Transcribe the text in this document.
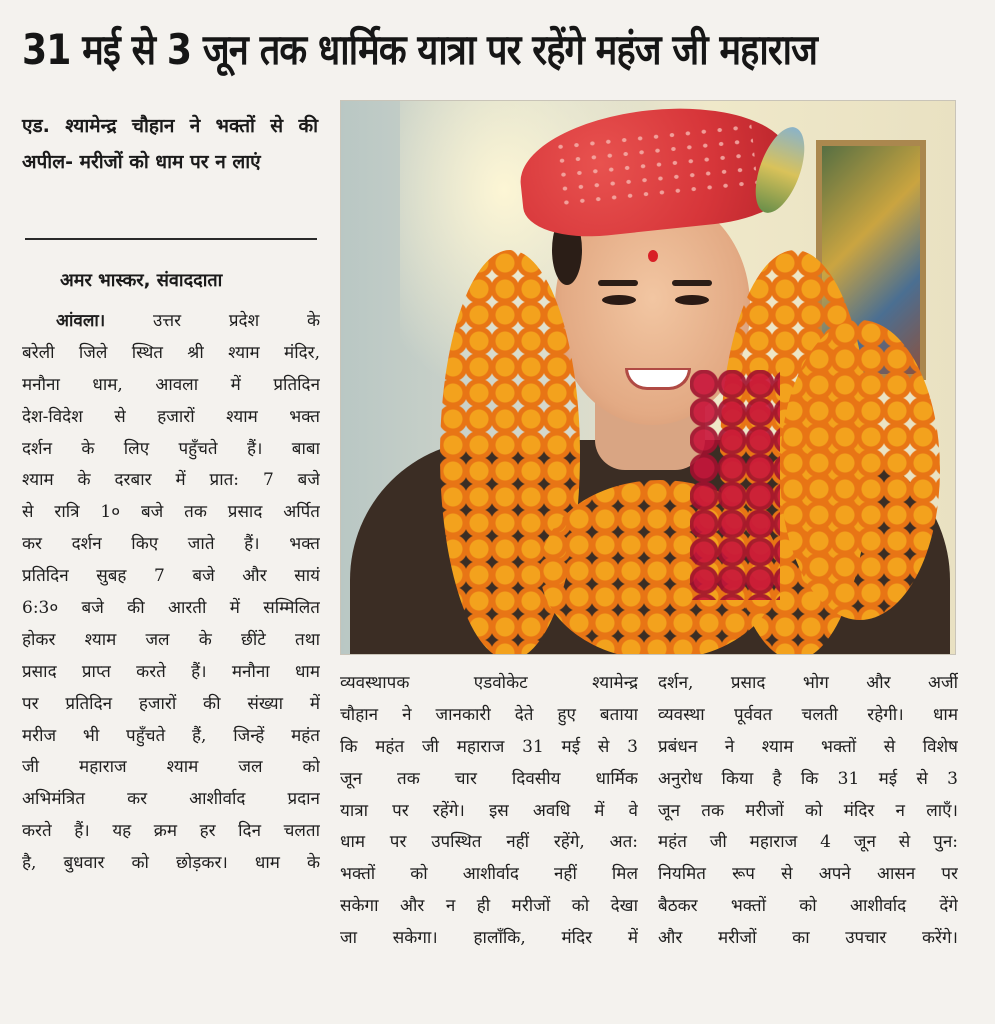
31 मई से 3 जून तक धार्मिक यात्रा पर रहेंगे महंज जी महाराज

एड. श्यामेन्द्र चौहान ने भक्तों से की अपील- मरीजों को धाम पर न लाएं

अमर भास्कर, संवाददाता
आंवला।	उत्तर प्रदेश के
बरेली जिले स्थित श्री श्याम मंदिर,
मनौना धाम, आवला में प्रतिदिन
देश-विदेश से हजारों श्याम भक्त
दर्शन के लिए पहुँचते हैं। बाबा
श्याम के दरबार में प्रात: 7 बजे
से रात्रि 1० बजे तक प्रसाद अर्पित
कर दर्शन किए जाते हैं। भक्त
प्रतिदिन सुबह 7 बजे और सायं
6:3० बजे की आरती में सम्मिलित
होकर श्याम जल के छींटे तथा
प्रसाद प्राप्त करते हैं। मनौना धाम
पर प्रतिदिन हजारों की संख्या में
मरीज भी पहुँचते हैं, जिन्हें महंत
जी महाराज श्याम जल को
अभिमंत्रित कर आशीर्वाद प्रदान
करते हैं। यह क्रम हर दिन चलता
है, बुधवार को छोड़कर। धाम के
व्यवस्थापक एडवोकेट श्यामेन्द्र
चौहान ने जानकारी देते हुए बताया
कि महंत जी महाराज 31 मई से 3
जून तक चार दिवसीय धार्मिक
यात्रा पर रहेंगे। इस अवधि में वे
धाम पर उपस्थित नहीं रहेंगे, अत:
भक्तों को आशीर्वाद नहीं मिल
सकेगा और न ही मरीजों को देखा
जा सकेगा। हालाँकि, मंदिर में
दर्शन, प्रसाद भोग और अर्जी
व्यवस्था पूर्ववत चलती रहेगी। धाम
प्रबंधन ने श्याम भक्तों से विशेष
अनुरोध किया है कि 31 मई से 3
जून तक मरीजों को मंदिर न लाएँ।
महंत जी महाराज 4 जून से पुन:
नियमित रूप से अपने आसन पर
बैठकर भक्तों को आशीर्वाद देंगे
और मरीजों का उपचार करेंगे।
